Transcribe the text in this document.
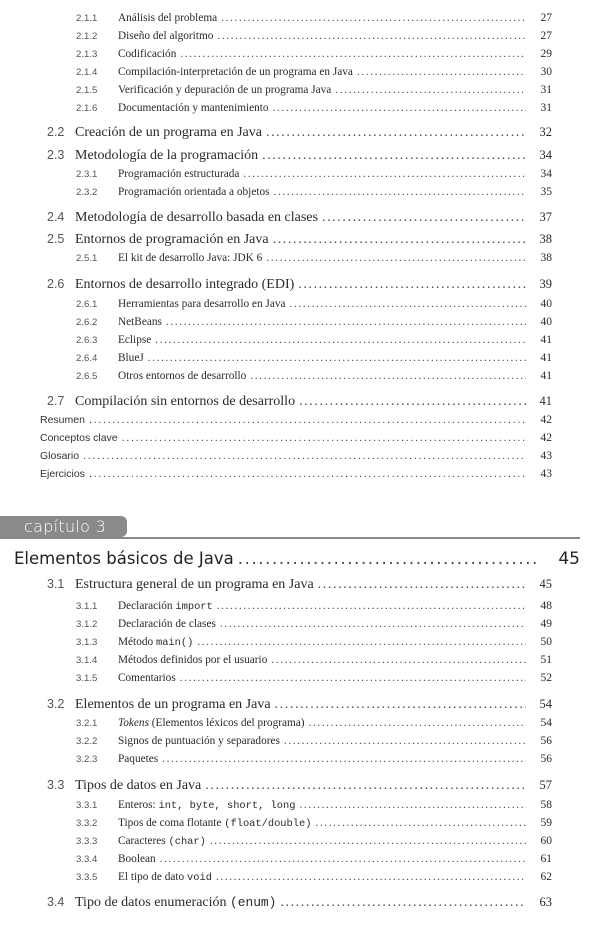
2.1.1	Análisis del problema .....	27
2.1.2	Diseño del algoritmo .....	27
2.1.3	Codificación .....	29
2.1.4	Compilación-interpretación de un programa en Java .....	30
2.1.5	Verificación y depuración de un programa Java .....	31
2.1.6	Documentación y mantenimiento .....	31
2.2 Creación de un programa en Java .....	32
2.3 Metodología de la programación .....	34
2.3.1	Programación estructurada .....	34
2.3.2	Programación orientada a objetos .....	35
2.4 Metodología de desarrollo basada en clases .....	37
2.5 Entornos de programación en Java .....	38
2.5.1	El kit de desarrollo Java: JDK 6 .....	38
2.6 Entornos de desarrollo integrado (EDI) .....	39
2.6.1	Herramientas para desarrollo en Java .....	40
2.6.2	NetBeans .....	40
2.6.3	Eclipse .....	41
2.6.4	BlueJ .....	41
2.6.5	Otros entornos de desarrollo .....	41
2.7 Compilación sin entornos de desarrollo .....	41
Resumen .....	42
Conceptos clave .....	42
Glosario .....	43
Ejercicios .....	43
3.1 Estructura general de un programa en Java .....	45
3.1.1	Declaración import .....	48
3.1.2	Declaración de clases .....	49
3.1.3	Método main() .....	50
3.1.4	Métodos definidos por el usuario .....	51
3.1.5	Comentarios .....	52
3.2 Elementos de un programa en Java .....	54
3.2.1	Tokens (Elementos léxicos del programa) .....	54
3.2.2	Signos de puntuación y separadores .....	56
3.2.3	Paquetes .....	56
3.3 Tipos de datos en Java .....	57
3.3.1	Enteros: int, byte, short, long .....	58
3.3.2	Tipos de coma flotante (float/double) .....	59
3.3.3	Caracteres (char) .....	60
3.3.4	Boolean .....	61
3.3.5	El tipo de dato void .....	62
3.4 Tipo de datos enumeración (enum) .....	63
capítulo 3
Elementos básicos de Java .....	45
